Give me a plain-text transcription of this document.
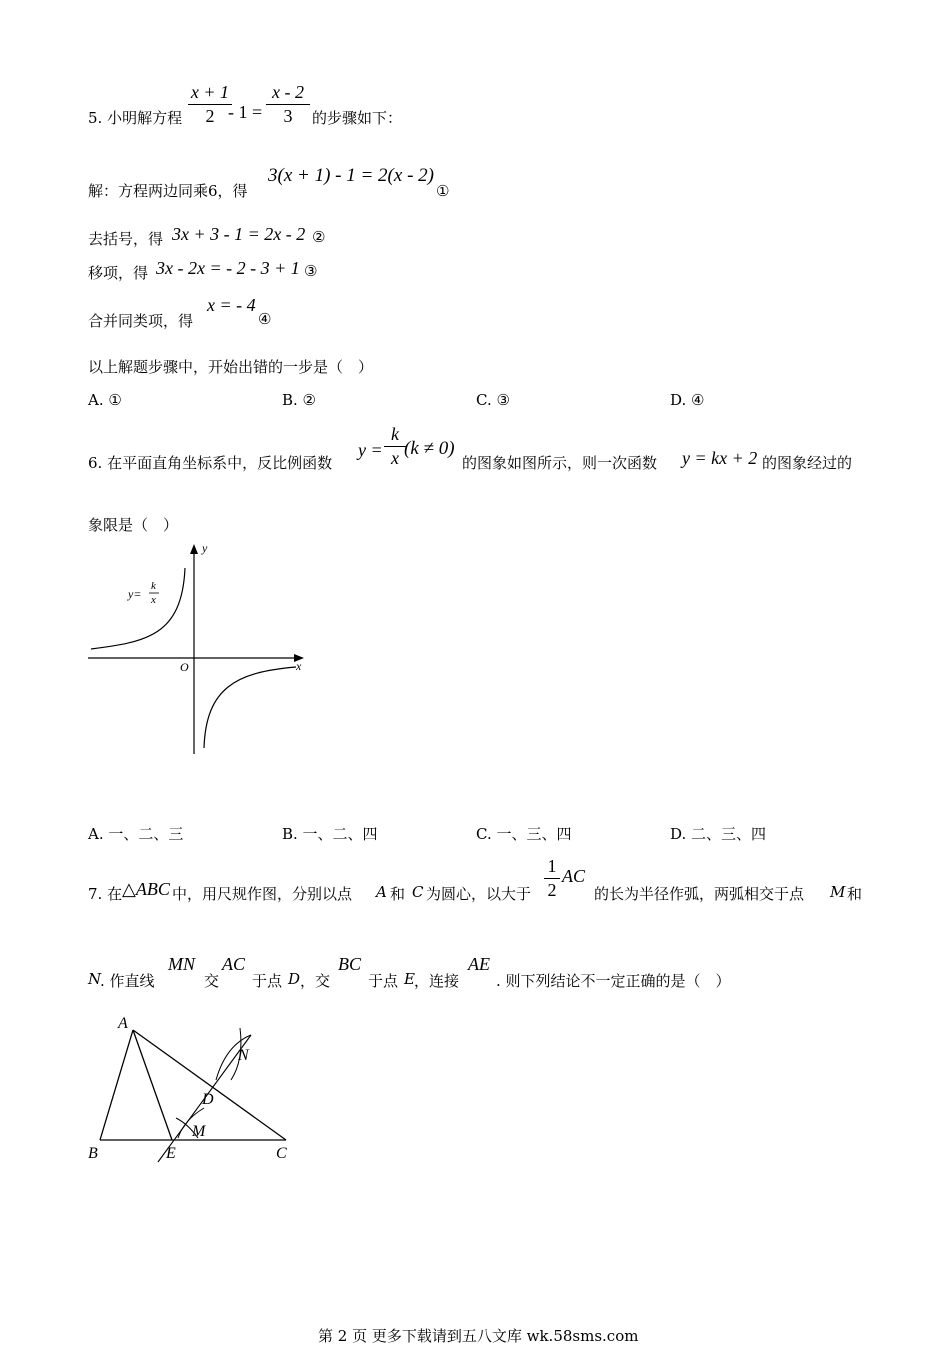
5. 小明解方程
x + 1
2 - 1 =
x - 2
3	的步骤如下：
解：方程两边同乘6，得
3(x + 1) - 1 = 2(x - 2)
①
去括号，得 3x + 3 - 1 = 2x - 2 ②
移项，得 3x - 2x = - 2 - 3 + 1 ③
合并同类项，得
x = - 4
④
以上解题步骤中，开始出错的一步是（　）
A. ①	B. ②	C. ③	D. ④
6. 在平面直角坐标系中，反比例函数
y =
k
x (k ≠ 0)
的图象如图所示，则一次函数 y = kx + 2 的图象经过的
象限是（　）
y
x
O
y=
k
x
A. 一、二、三	B. 一、二、四	C. 一、三、四	D. 二、三、四
7. 在 △ABC 中，用尺规作图，分别以点 A 和 C 为圆心，以大于
1
2
AC
的长为半径作弧，两弧相交于点 M 和
N
. 作直线
MN
交
AC
于点 D ，交
BC
于点 E ，连接
AE
. 则下列结论不一定正确的是（　）
A
B	C
D
E
M
N
第 2 页 更多下载请到五八文库 wk.58sms.com
